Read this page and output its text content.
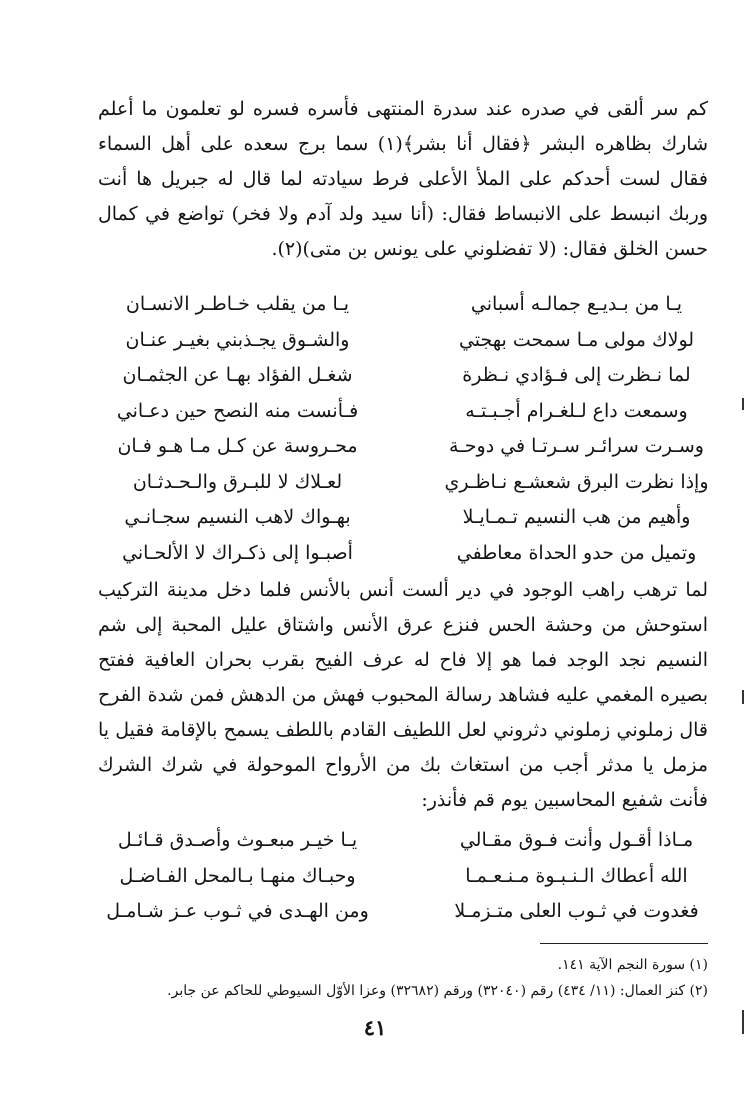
كم سر ألقى في صدره عند سدرة المنتهى فأسره فسره لو تعلمون ما أعلم شارك بظاهره البشر ﴿فقال أنا بشر﴾(١) سما برج سعده على أهل السماء فقال لست أحدكم على الملأ الأعلى فرط سيادته لما قال له جبريل ها أنت وربك انبسط على الانبساط فقال: (أنا سيد ولد آدم ولا فخر) تواضع في كمال حسن الخلق فقال: (لا تفضلوني على يونس بن متى)(٢).

يـا من بـديـع جمالـه أسباني
يـا من يقلب خـاطـر الانسـان
لولاك مولى مـا سمحت بهجتي
والشـوق يجـذبني بغيـر عنـان
لما نـظرت إلى فـؤادي نـظرة
شغـل الفؤاد بهـا عن الجثمـان
وسمعت داع لـلغـرام أجـبـتـه
فـأنست منه النصح حين دعـاني
وسـرت سرائـر سـرتـا في دوحـة
محـروسة عن كـل مـا هـو فـان
وإذا نظرت البرق شعشـع نـاظـري
لعـلاك لا للبـرق والـحـدثـان
وأهيم من هب النسيم تـمـايـلا
بهـواك لاهب النسيم سجـانـي
وتميل من حدو الحداة معاطفي
أصبـوا إلى ذكـراك لا الألحـاني

لما ترهب راهب الوجود في دير ألست أنس بالأنس فلما دخل مدينة التركيب استوحش من وحشة الحس فنزع عرق الأنس واشتاق عليل المحبة إلى شم النسيم نجد الوجد فما هو إلا فاح له عرف الفيح بقرب بحران العافية ففتح بصيره المغمي عليه فشاهد رسالة المحبوب فهش من الدهش فمن شدة الفرح قال زملوني زملوني دثروني لعل اللطيف القادم باللطف يسمح بالإقامة فقيل يا مزمل يا مدثر أجب من استغاث بك من الأرواح الموحولة في شرك الشرك فأنت شفيع المحاسبين يوم قم فأنذر:

مـاذا أقـول وأنت فـوق مقـالي
يـا خيـر مبعـوث وأصـدق قـائـل
الله أعطاك الـنـبـوة مـنـعـمـا
وحبـاك منهـا بـالمحل الفـاضـل
فغدوت في ثـوب العلى متـزمـلا
ومن الهـدى في ثـوب عـز شـامـل

(١) سورة النجم الآية ١٤١.

(٢) كنز العمال: (١١/ ٤٣٤) رقم (٣٢٠٤٠) ورقم (٣٢٦٨٢) وعزا الأوّل السيوطي للحاكم عن جابر.

٤١
